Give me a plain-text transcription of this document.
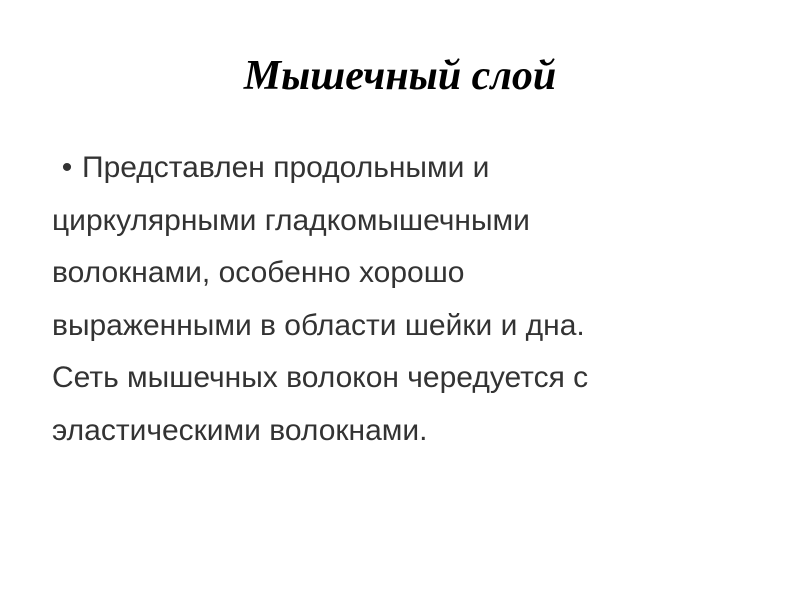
Мышечный слой
• Представлен продольными и
циркулярными гладкомышечными
волокнами, особенно хорошо
выраженными в области шейки и дна.
Сеть мышечных волокон чередуется с
эластическими волокнами.
